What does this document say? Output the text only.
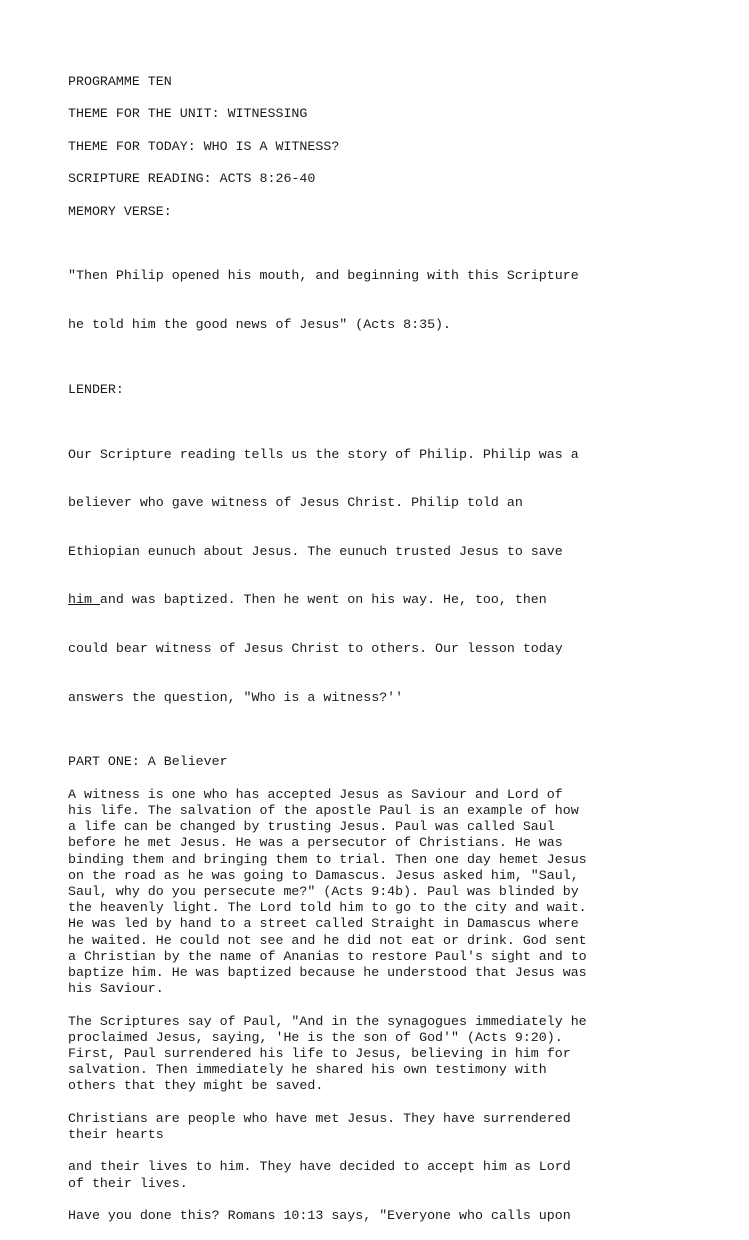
PROGRAMME TEN

THEME FOR THE UNIT: WITNESSING

THEME FOR TODAY: WHO IS A WITNESS?

SCRIPTURE READING: ACTS 8:26-40

MEMORY VERSE:

"Then Philip opened his mouth, and beginning with this Scripture

he told him the good news of Jesus" (Acts 8:35).

LENDER:

Our Scripture reading tells us the story of Philip. Philip was a

believer who gave witness of Jesus Christ. Philip told an

Ethiopian eunuch about Jesus. The eunuch trusted Jesus to save

him and was baptized. Then he went on his way. He, too, then

could bear witness of Jesus Christ to others. Our lesson today

answers the question, "Who is a witness?''

PART ONE: A Believer

A witness is one who has accepted Jesus as Saviour and Lord of
his life. The salvation of the apostle Paul is an example of how
a life can be changed by trusting Jesus. Paul was called Saul
before he met Jesus. He was a persecutor of Christians. He was
binding them and bringing them to trial. Then one day hemet Jesus
on the road as he was going to Damascus. Jesus asked him, "Saul,
Saul, why do you persecute me?" (Acts 9:4b). Paul was blinded by
the heavenly light. The Lord told him to go to the city and wait.
He was led by hand to a street called Straight in Damascus where
he waited. He could not see and he did not eat or drink. God sent
a Christian by the name of Ananias to restore Paul's sight and to
baptize him. He was baptized because he understood that Jesus was
his Saviour.

The Scriptures say of Paul, "And in the synagogues immediately he
proclaimed Jesus, saying, 'He is the son of God'" (Acts 9:20).
First, Paul surrendered his life to Jesus, believing in him for
salvation. Then immediately he shared his own testimony with
others that they might be saved.

Christians are people who have met Jesus. They have surrendered
their hearts

and their lives to him. They have decided to accept him as Lord
of their lives.

Have you done this? Romans 10:13 says, "Everyone who calls upon
